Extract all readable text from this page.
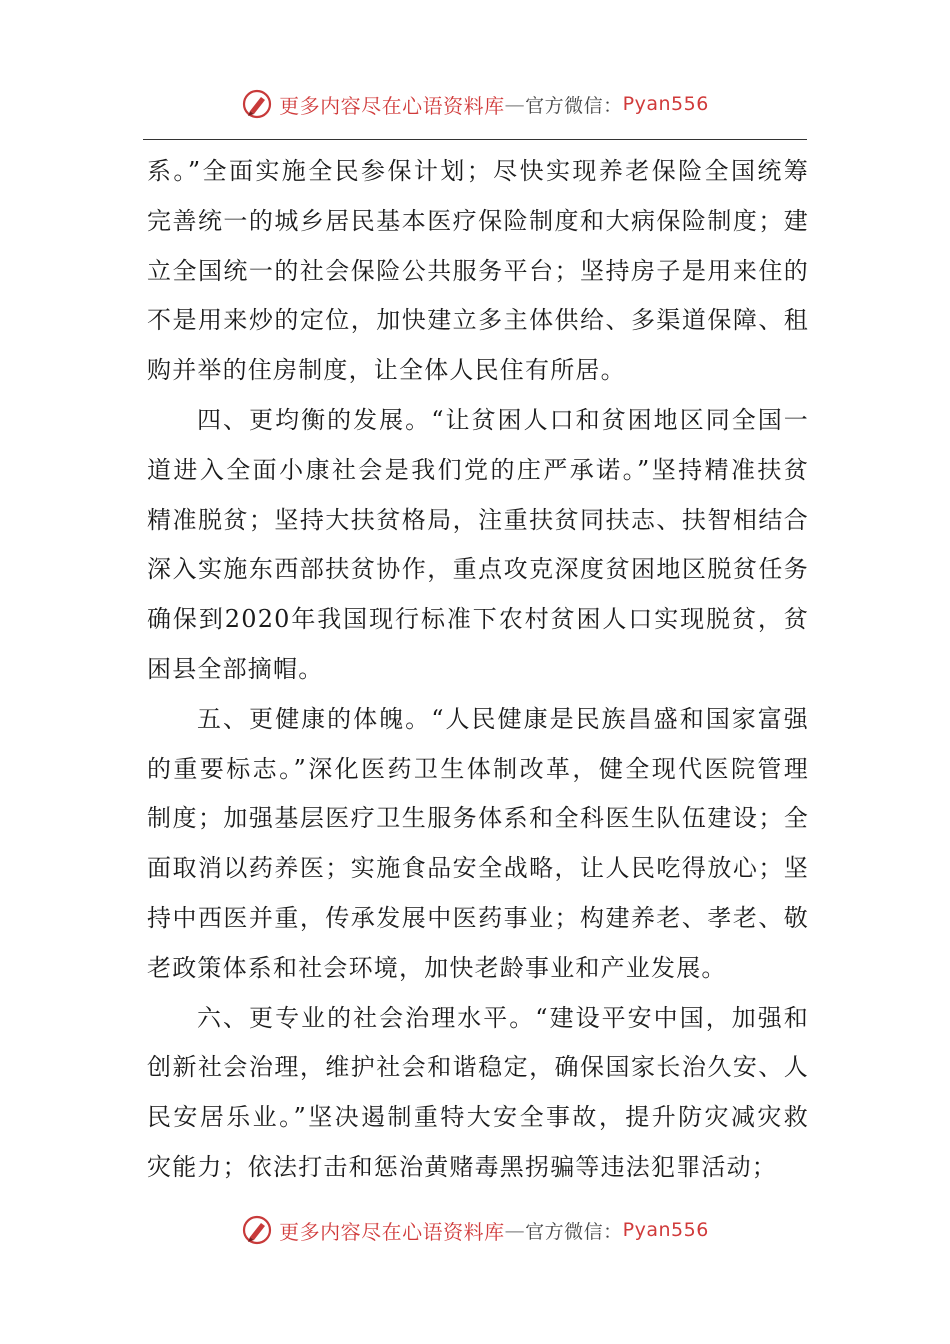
更多内容尽在心语资料库 — 官方微信： Pyan556

系。”全面实施全民参保计划；尽快实现养老保险全国统筹

完善统一的城乡居民基本医疗保险制度和大病保险制度；建

立全国统一的社会保险公共服务平台；坚持房子是用来住的

不是用来炒的定位，加快建立多主体供给、多渠道保障、租

购并举的住房制度，让全体人民住有所居。

四、更均衡的发展。“让贫困人口和贫困地区同全国一

道进入全面小康社会是我们党的庄严承诺。”坚持精准扶贫

精准脱贫；坚持大扶贫格局，注重扶贫同扶志、扶智相结合

深入实施东西部扶贫协作，重点攻克深度贫困地区脱贫任务

确保到2020年我国现行标准下农村贫困人口实现脱贫，贫

困县全部摘帽。

五、更健康的体魄。“人民健康是民族昌盛和国家富强

的重要标志。”深化医药卫生体制改革，健全现代医院管理

制度；加强基层医疗卫生服务体系和全科医生队伍建设；全

面取消以药养医；实施食品安全战略，让人民吃得放心；坚

持中西医并重，传承发展中医药事业；构建养老、孝老、敬

老政策体系和社会环境，加快老龄事业和产业发展。

六、更专业的社会治理水平。“建设平安中国，加强和

创新社会治理，维护社会和谐稳定，确保国家长治久安、人

民安居乐业。”坚决遏制重特大安全事故，提升防灾减灾救

灾能力；依法打击和惩治黄赌毒黑拐骗等违法犯罪活动；

更多内容尽在心语资料库 — 官方微信： Pyan556
